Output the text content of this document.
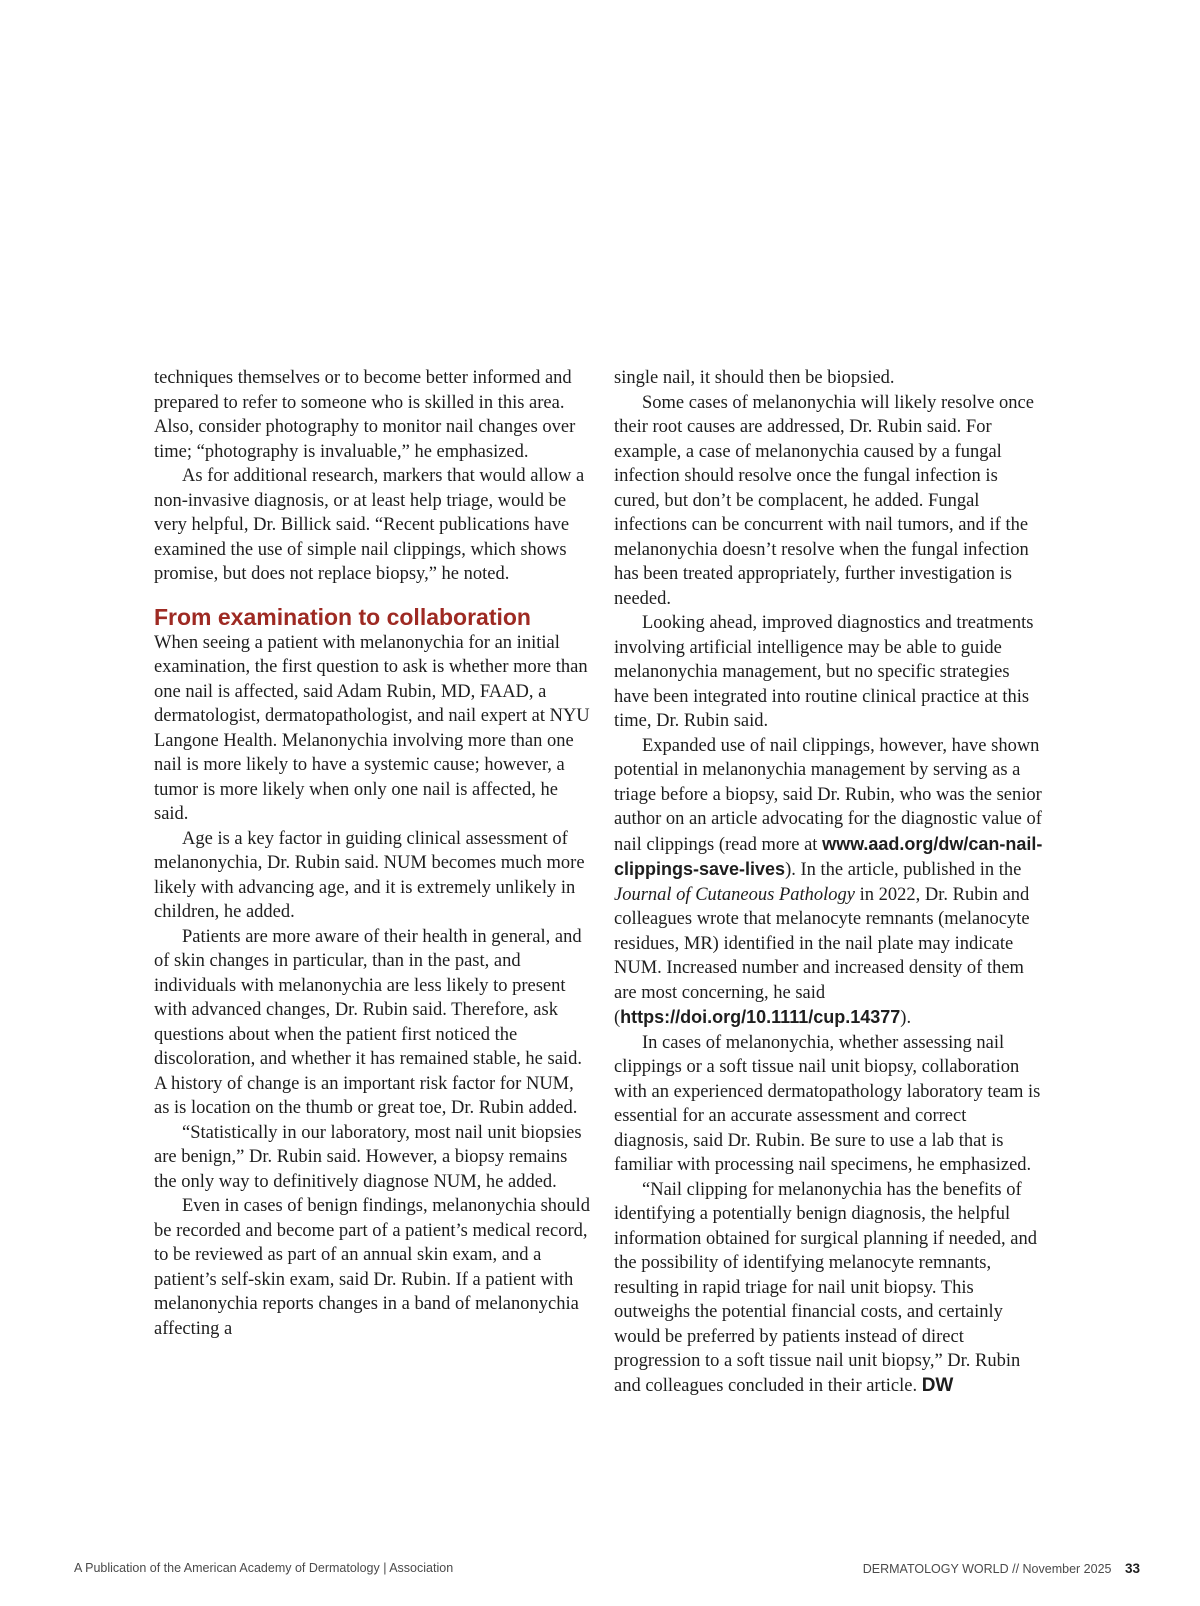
techniques themselves or to become better informed and prepared to refer to someone who is skilled in this area. Also, consider photography to monitor nail changes over time; “photography is invaluable,” he emphasized.

As for additional research, markers that would allow a non-invasive diagnosis, or at least help triage, would be very helpful, Dr. Billick said. “Recent publications have examined the use of simple nail clippings, which shows promise, but does not replace biopsy,” he noted.

From examination to collaboration

When seeing a patient with melanonychia for an initial examination, the first question to ask is whether more than one nail is affected, said Adam Rubin, MD, FAAD, a dermatologist, dermatopathologist, and nail expert at NYU Langone Health. Melanonychia involving more than one nail is more likely to have a systemic cause; however, a tumor is more likely when only one nail is affected, he said.

Age is a key factor in guiding clinical assessment of melanonychia, Dr. Rubin said. NUM becomes much more likely with advancing age, and it is extremely unlikely in children, he added.

Patients are more aware of their health in general, and of skin changes in particular, than in the past, and individuals with melanonychia are less likely to present with advanced changes, Dr. Rubin said. Therefore, ask questions about when the patient first noticed the discoloration, and whether it has remained stable, he said. A history of change is an important risk factor for NUM, as is location on the thumb or great toe, Dr. Rubin added.

“Statistically in our laboratory, most nail unit biopsies are benign,” Dr. Rubin said. However, a biopsy remains the only way to definitively diagnose NUM, he added.

Even in cases of benign findings, melanonychia should be recorded and become part of a patient’s medical record, to be reviewed as part of an annual skin exam, and a patient’s self-skin exam, said Dr. Rubin. If a patient with melanonychia reports changes in a band of melanonychia affecting a

single nail, it should then be biopsied.

Some cases of melanonychia will likely resolve once their root causes are addressed, Dr. Rubin said. For example, a case of melanonychia caused by a fungal infection should resolve once the fungal infection is cured, but don’t be complacent, he added. Fungal infections can be concurrent with nail tumors, and if the melanonychia doesn’t resolve when the fungal infection has been treated appropriately, further investigation is needed.

Looking ahead, improved diagnostics and treatments involving artificial intelligence may be able to guide melanonychia management, but no specific strategies have been integrated into routine clinical practice at this time, Dr. Rubin said.

Expanded use of nail clippings, however, have shown potential in melanonychia management by serving as a triage before a biopsy, said Dr. Rubin, who was the senior author on an article advocating for the diagnostic value of nail clippings (read more at www.aad.org/dw/can-nail-clippings-save-lives). In the article, published in the Journal of Cutaneous Pathology in 2022, Dr. Rubin and colleagues wrote that melanocyte remnants (melanocyte residues, MR) identified in the nail plate may indicate NUM. Increased number and increased density of them are most concerning, he said (https://doi.org/10.1111/cup.14377).

In cases of melanonychia, whether assessing nail clippings or a soft tissue nail unit biopsy, collaboration with an experienced dermatopathology laboratory team is essential for an accurate assessment and correct diagnosis, said Dr. Rubin. Be sure to use a lab that is familiar with processing nail specimens, he emphasized.

“Nail clipping for melanonychia has the benefits of identifying a potentially benign diagnosis, the helpful information obtained for surgical planning if needed, and the possibility of identifying melanocyte remnants, resulting in rapid triage for nail unit biopsy. This outweighs the potential financial costs, and certainly would be preferred by patients instead of direct progression to a soft tissue nail unit biopsy,” Dr. Rubin and colleagues concluded in their article. DW

A Publication of the American Academy of Dermatology | Association	DERMATOLOGY WORLD // November 2025 33
